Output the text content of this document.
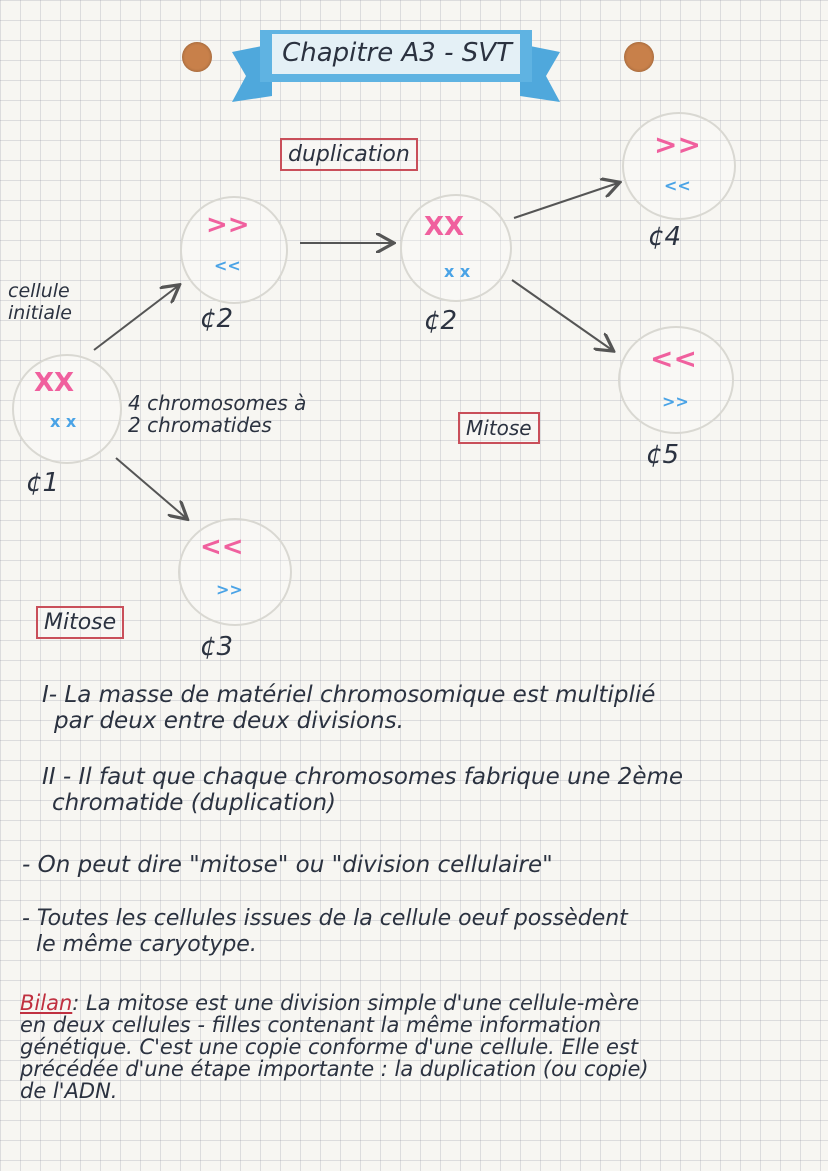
Chapitre A3 - SVT
duplication
Mitose
Mitose
cellule
initiale
4 chromosomes à
2 chromatides
XX
x x
¢1
>>
<<
¢2
XX
x x
¢2
<<
>>
¢3
>>
<<
¢4
<<
>>
¢5

I- La masse de matériel chromosomique est multiplié

par deux entre deux divisions.

II - Il faut que chaque chromosomes fabrique une 2ème

chromatide (duplication)

- On peut dire "mitose" ou "division cellulaire"

- Toutes les cellules issues de la cellule oeuf possèdent

le même caryotype.

Bilan: La mitose est une division simple d'une cellule-mère

en deux cellules - filles contenant la même information

génétique. C'est une copie conforme d'une cellule. Elle est

précédée d'une étape importante : la duplication (ou copie)

de l'ADN.
